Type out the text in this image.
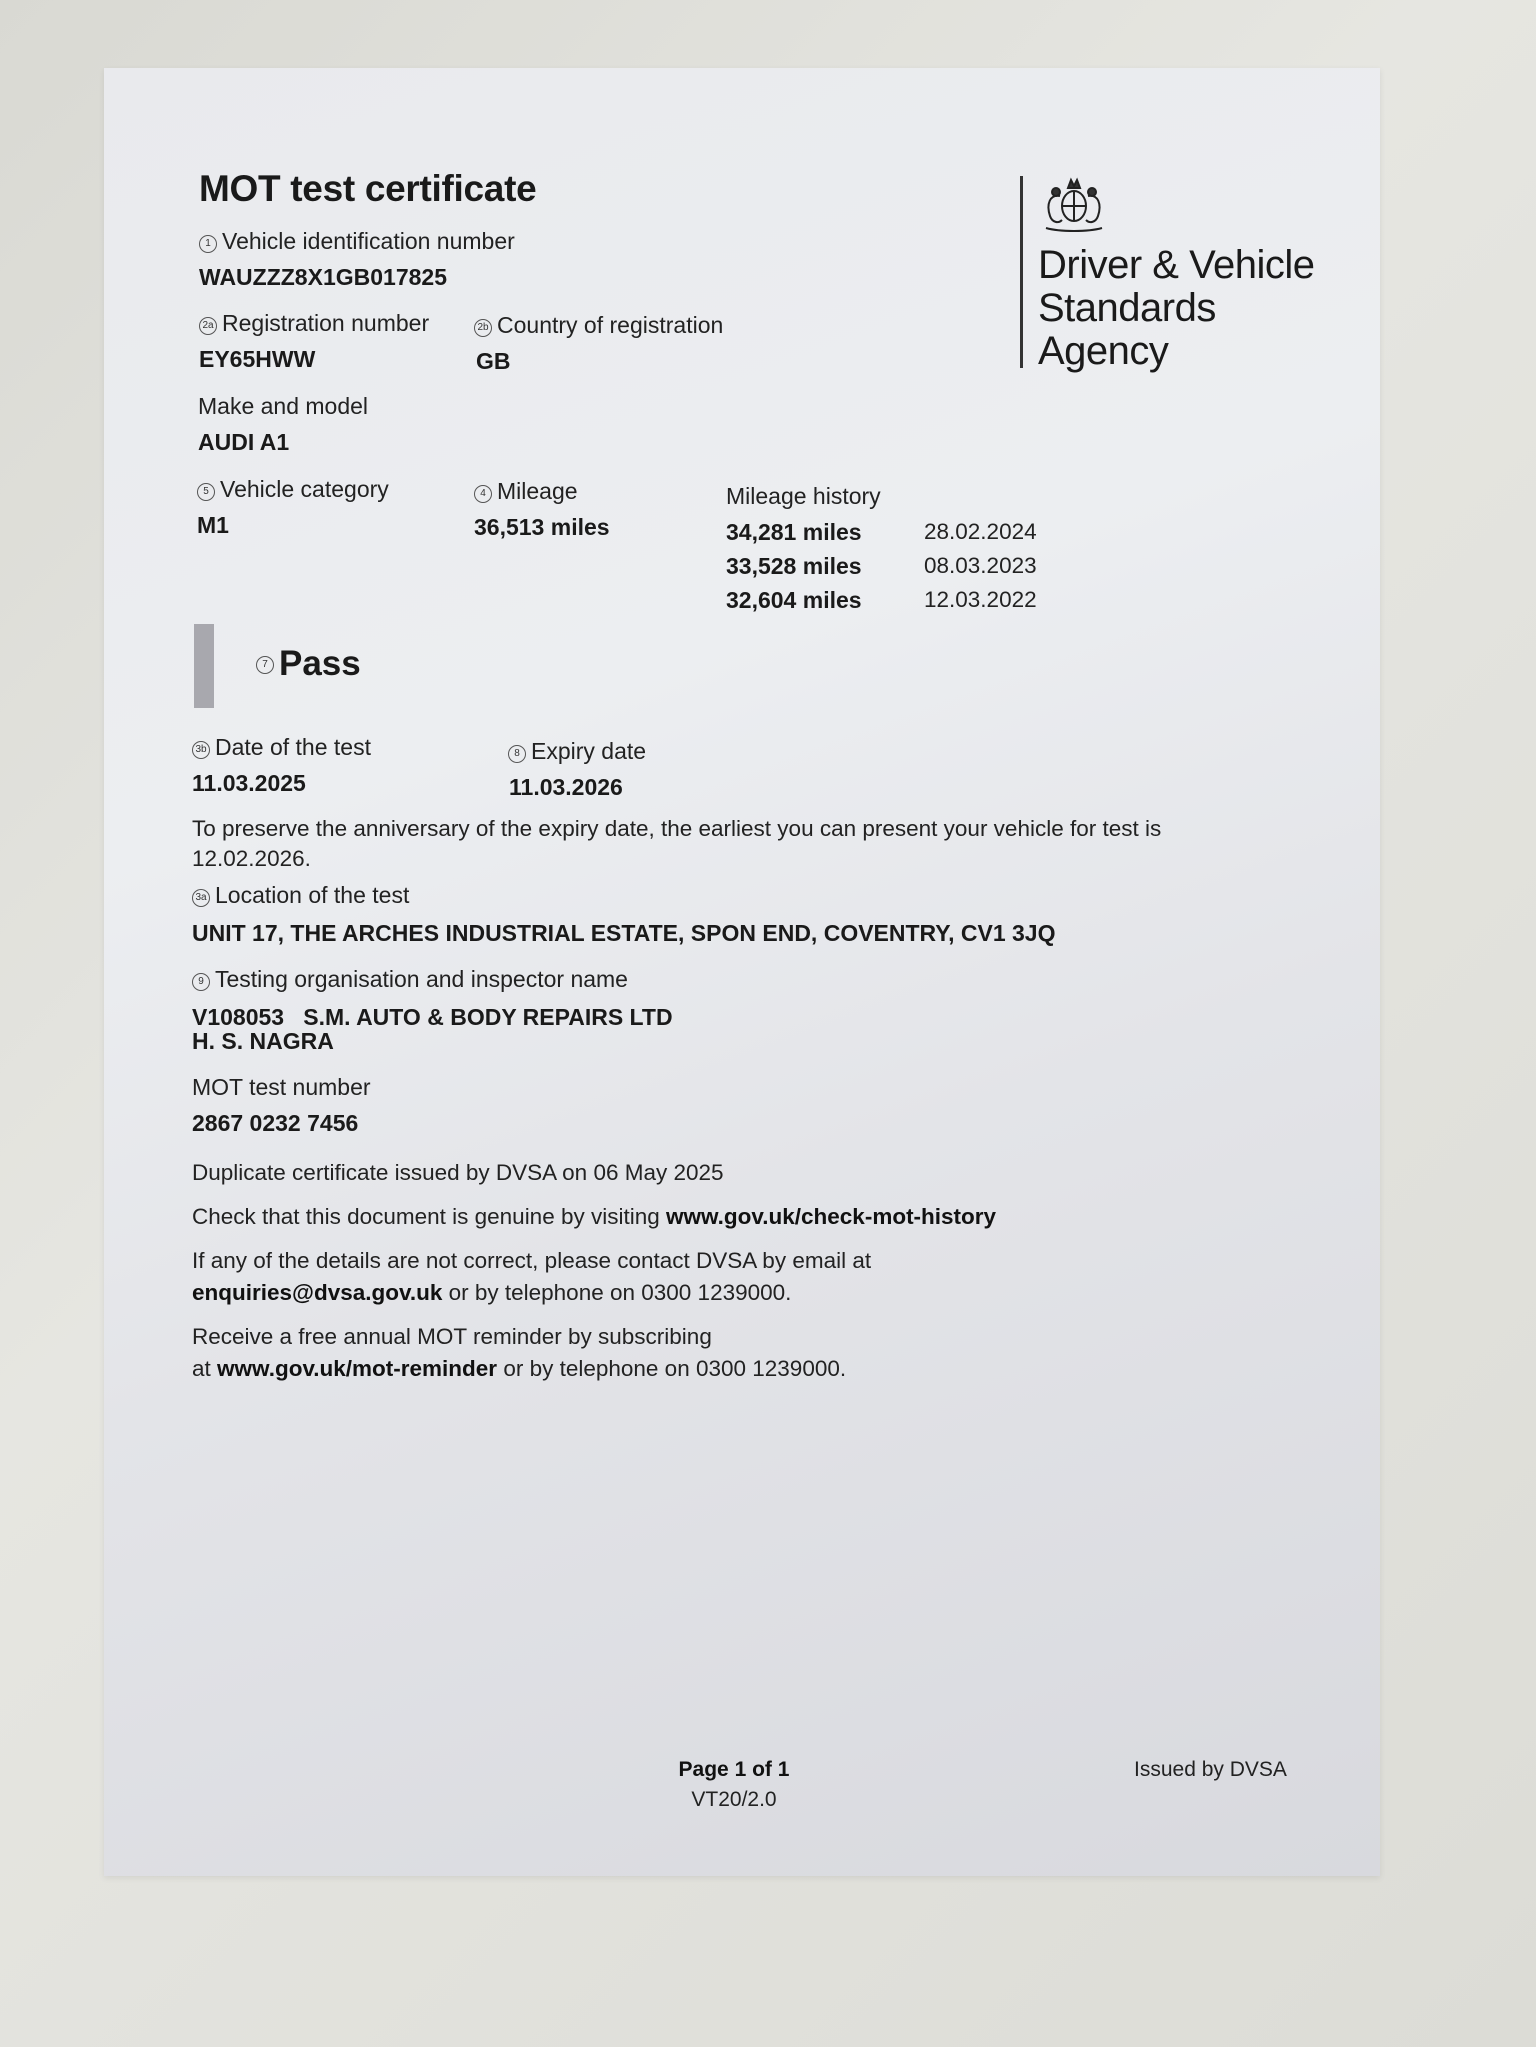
MOT test certificate
Driver & Vehicle
Standards
Agency
1 Vehicle identification number
WAUZZZ8X1GB017825
2a Registration number
EY65HWW
2b Country of registration
GB
Make and model
AUDI A1
5 Vehicle category
M1
4 Mileage
36,513 miles
Mileage history
34,281 miles	28.02.2024
33,528 miles	08.03.2023
32,604 miles	12.03.2022
7 Pass
3b Date of the test
11.03.2025
8 Expiry date
11.03.2026
To preserve the anniversary of the expiry date, the earliest you can present your vehicle for test is
12.02.2026.
3a Location of the test
UNIT 17, THE ARCHES INDUSTRIAL ESTATE, SPON END, COVENTRY, CV1 3JQ
9 Testing organisation and inspector name
V108053   S.M. AUTO & BODY REPAIRS LTD
H. S. NAGRA
MOT test number
2867 0232 7456
Duplicate certificate issued by DVSA on 06 May 2025
Check that this document is genuine by visiting www.gov.uk/check-mot-history
If any of the details are not correct, please contact DVSA by email at
enquiries@dvsa.gov.uk or by telephone on 0300 1239000.
Receive a free annual MOT reminder by subscribing
at www.gov.uk/mot-reminder or by telephone on 0300 1239000.
Page 1 of 1
VT20/2.0
Issued by DVSA
